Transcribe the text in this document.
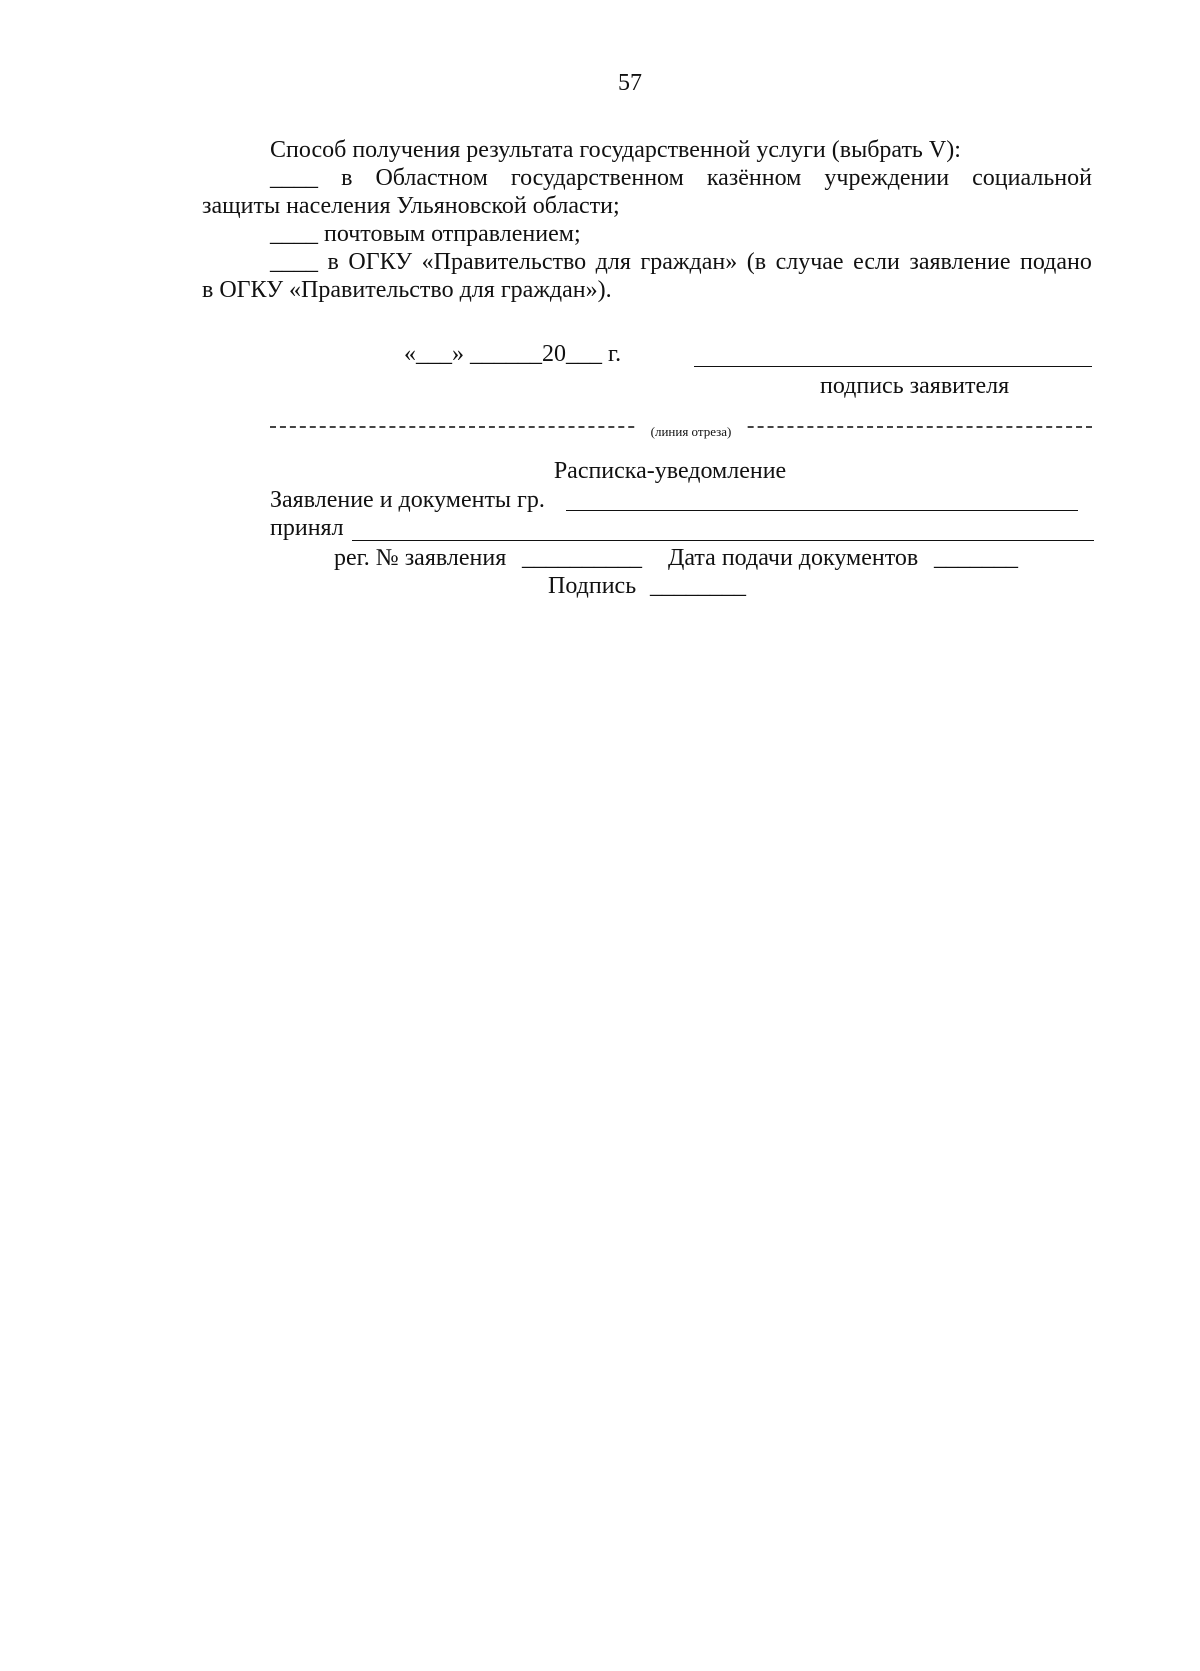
57
Способ получения результата государственной услуги (выбрать V):
____ в Областном государственном казённом учреждении социальной
защиты населения Ульяновской области;
____ почтовым отправлением;
____ в ОГКУ «Правительство для граждан» (в случае если заявление подано
в ОГКУ «Правительство для граждан»).
«___» ______20___ г.
подпись заявителя
(линия отреза)
Расписка-уведомление
Заявление и документы гр.
принял
рег. № заявления __________ Дата подачи документов _______
Подпись ________
